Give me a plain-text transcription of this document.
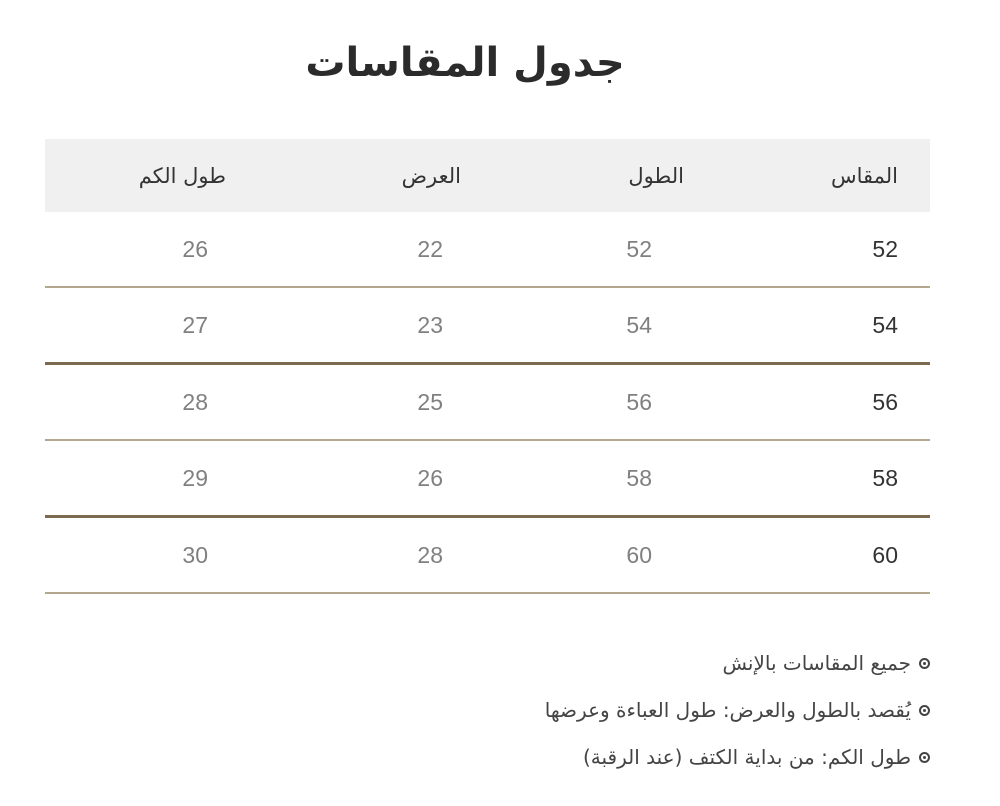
جدول المقاسات
المقاس	الطول	العرض	طول الكم
52	52	22	26
54	54	23	27
56	56	25	28
58	58	26	29
60	60	28	30
جميع المقاسات بالإنش
يُقصد بالطول والعرض: طول العباءة وعرضها
طول الكم: من بداية الكتف (عند الرقبة)
